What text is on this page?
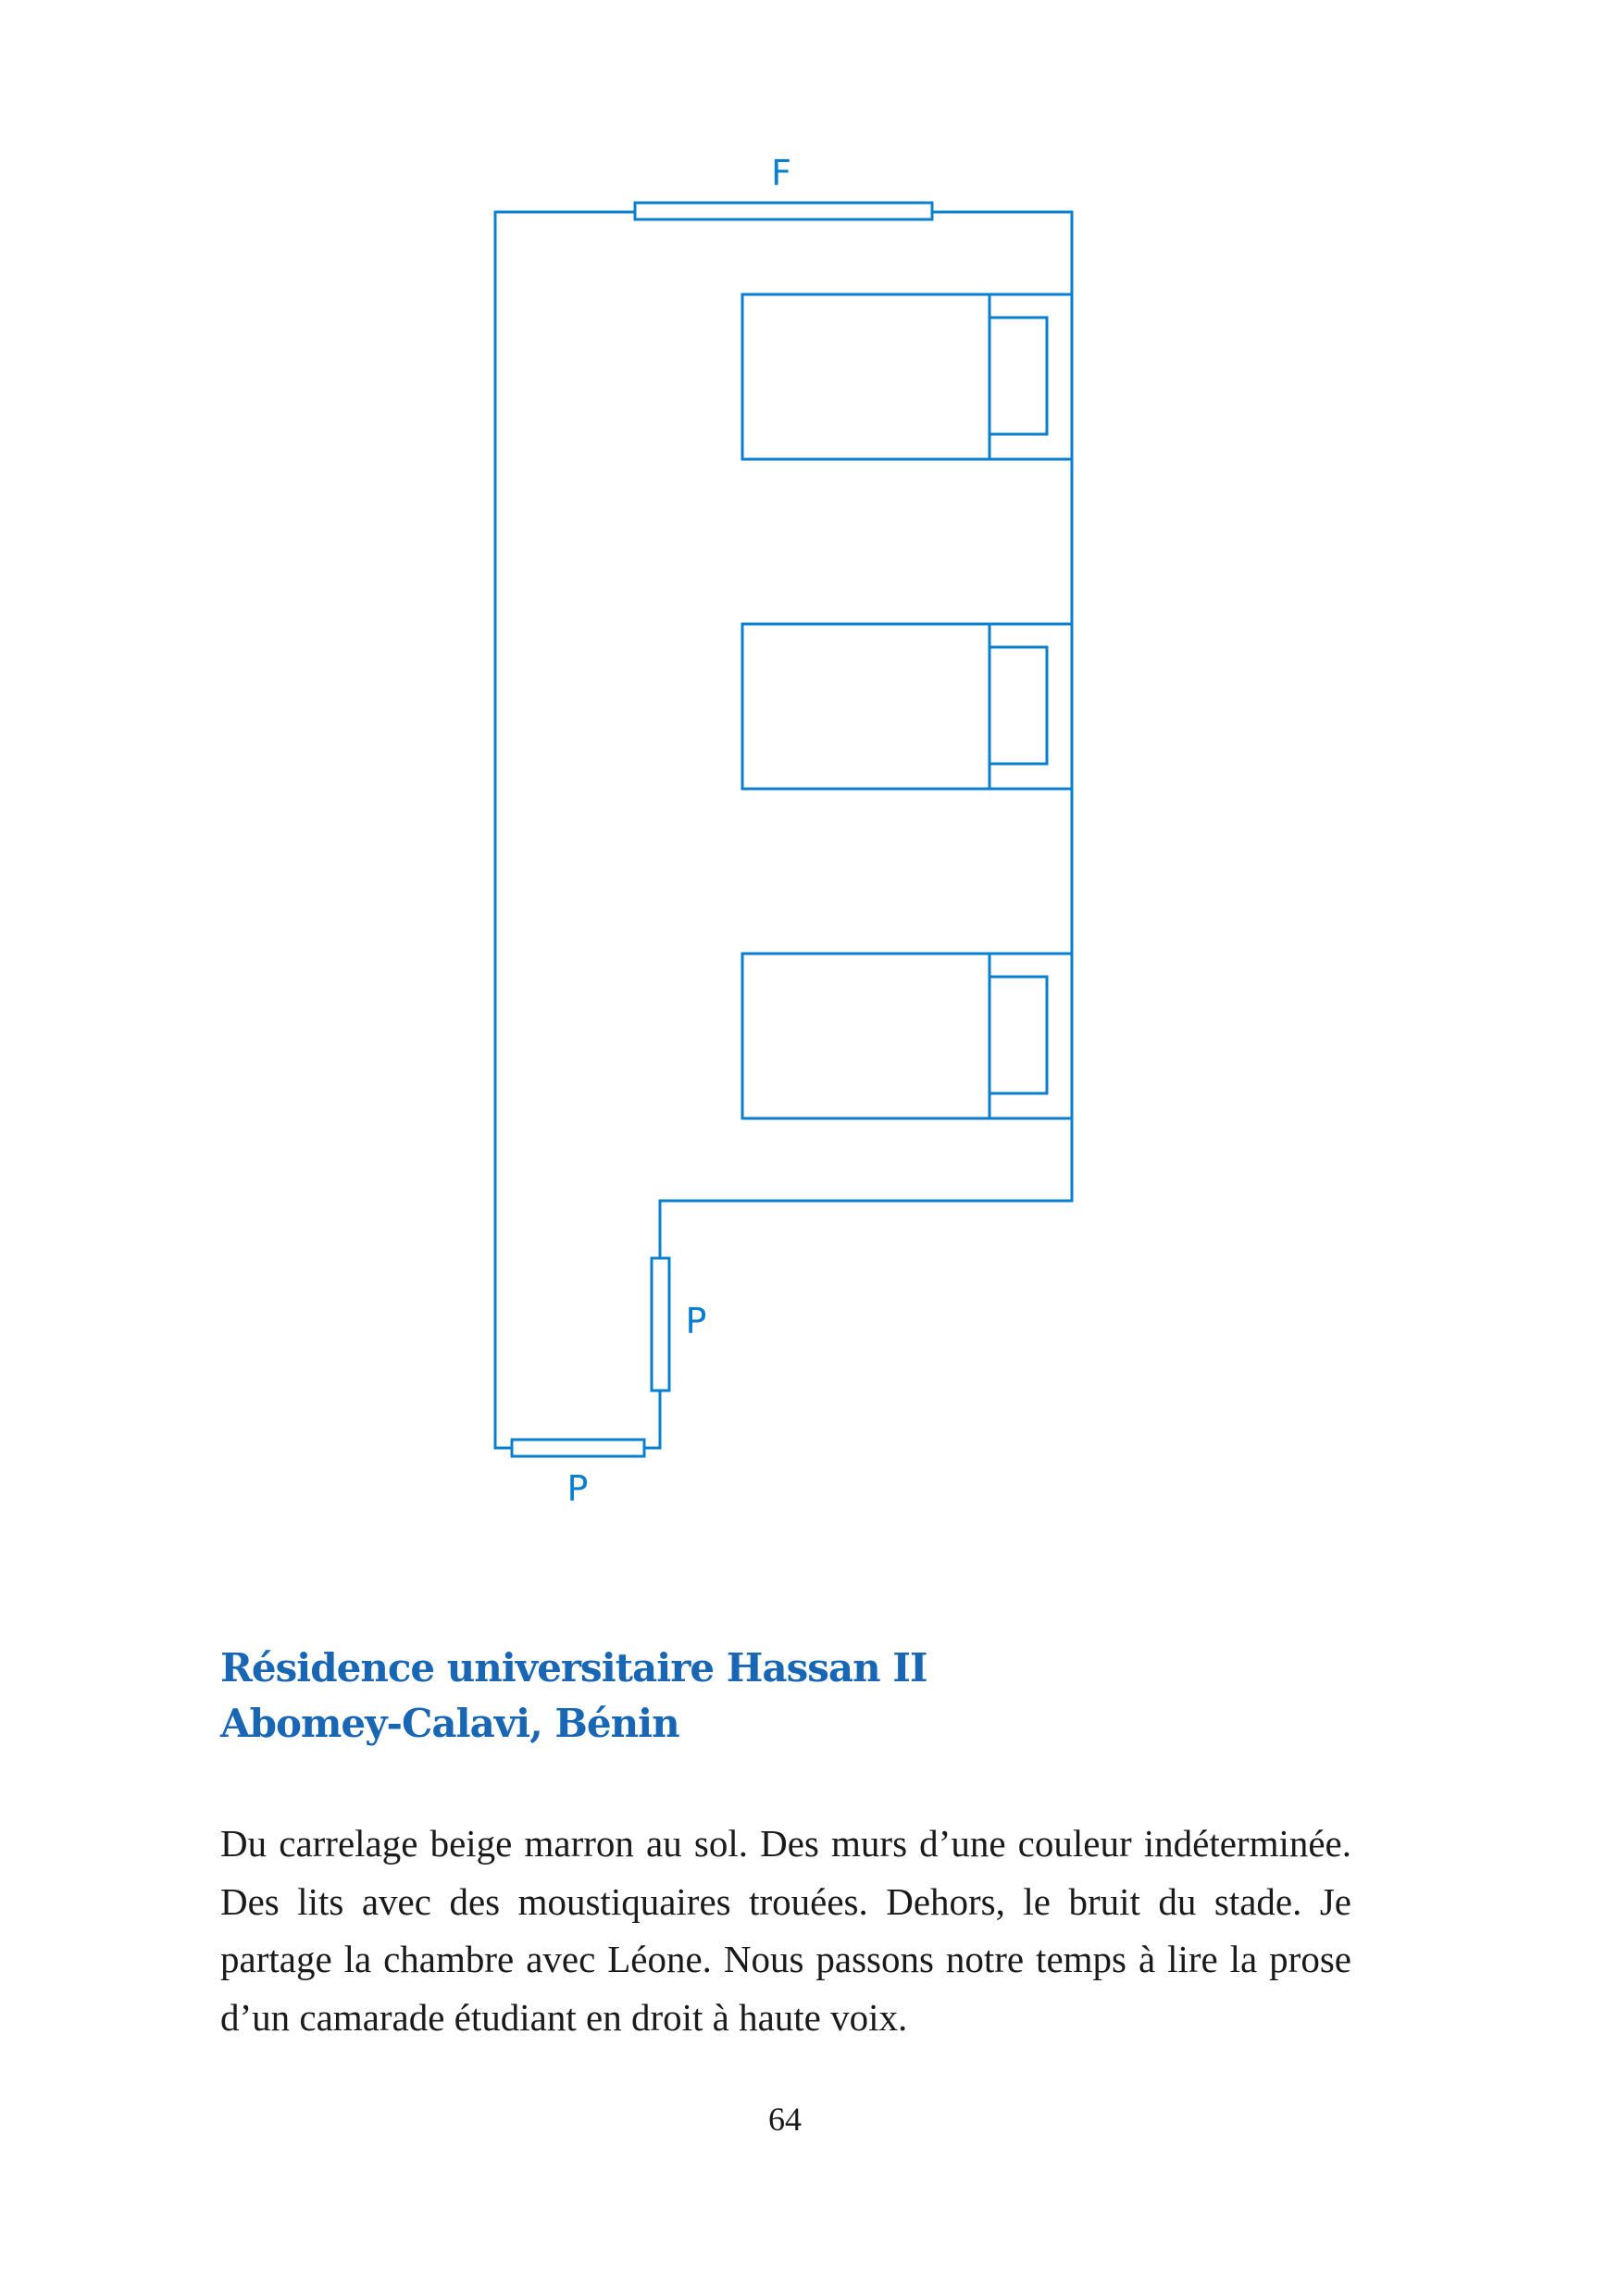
F
P
P
Résidence universitaire Hassan II
Abomey-Calavi, Bénin

Du carrelage beige marron au sol. Des murs d’une couleur indéterminée. Des lits avec des moustiquaires trouées. Dehors, le bruit du stade. Je partage la chambre avec Léone. Nous passons notre temps à lire la prose d’un camarade étudiant en droit à haute voix.

64
